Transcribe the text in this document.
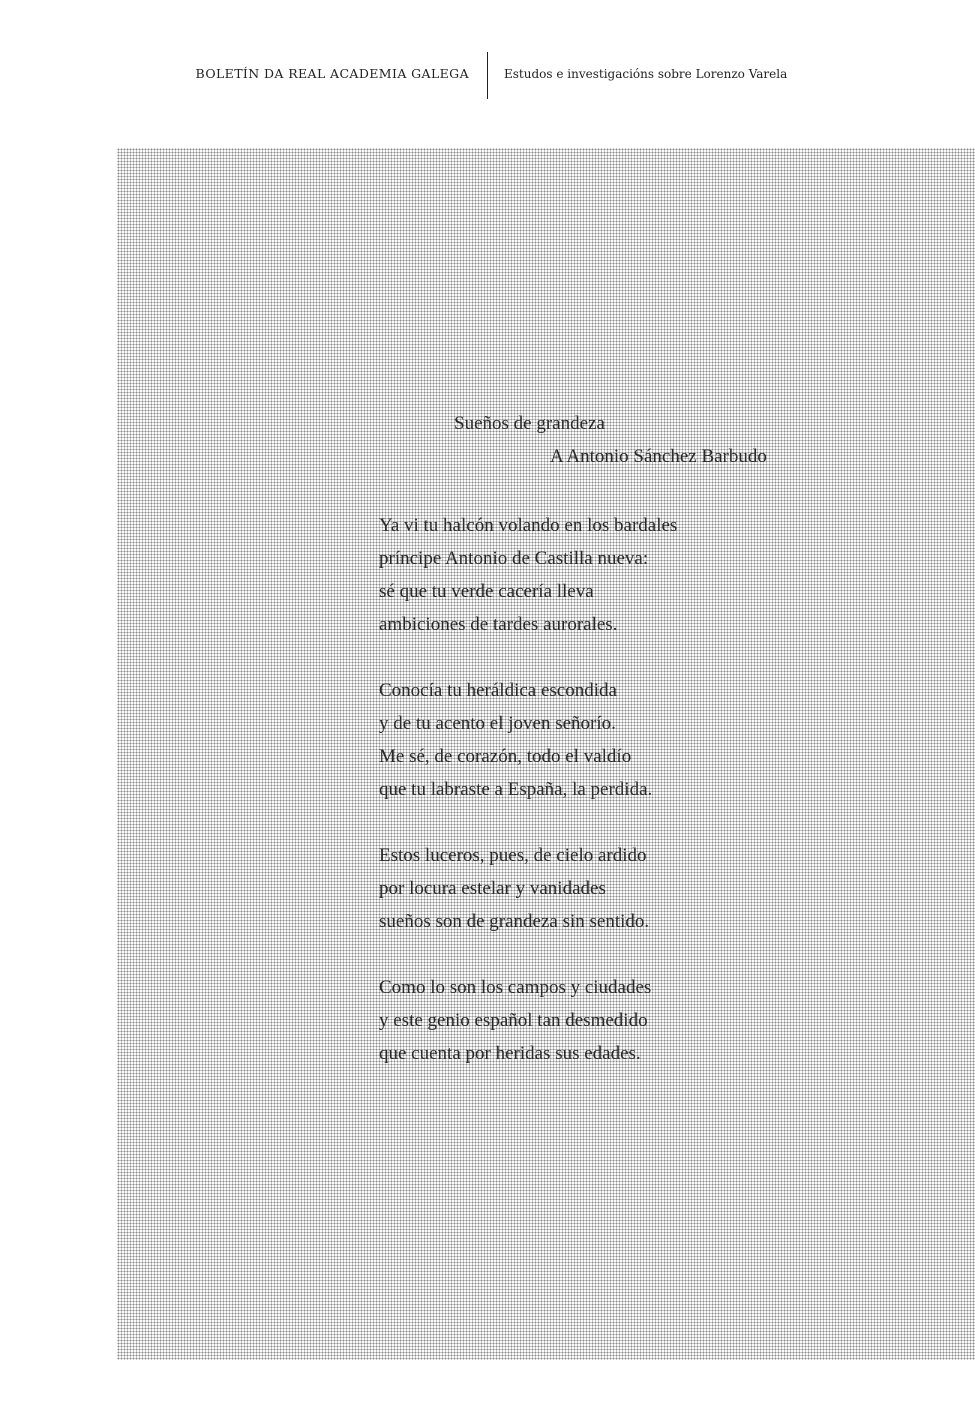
BOLETÍN DA REAL ACADEMIA GALEGA	Estudos e investigacións sobre Lorenzo Varela
Sueños de grandeza
A Antonio Sánchez Barbudo
Ya vi tu halcón volando en los bardales
príncipe Antonio de Castilla nueva:
sé que tu verde cacería lleva
ambiciones de tardes aurorales.
Conocía tu heráldica escondida
y de tu acento el joven señorío.
Me sé, de corazón, todo el valdío
que tu labraste a España, la perdida.
Estos luceros, pues, de cielo ardido
por locura estelar y vanidades
sueños son de grandeza sin sentido.
Como lo son los campos y ciudades
y este genio español tan desmedido
que cuenta por heridas sus edades.
